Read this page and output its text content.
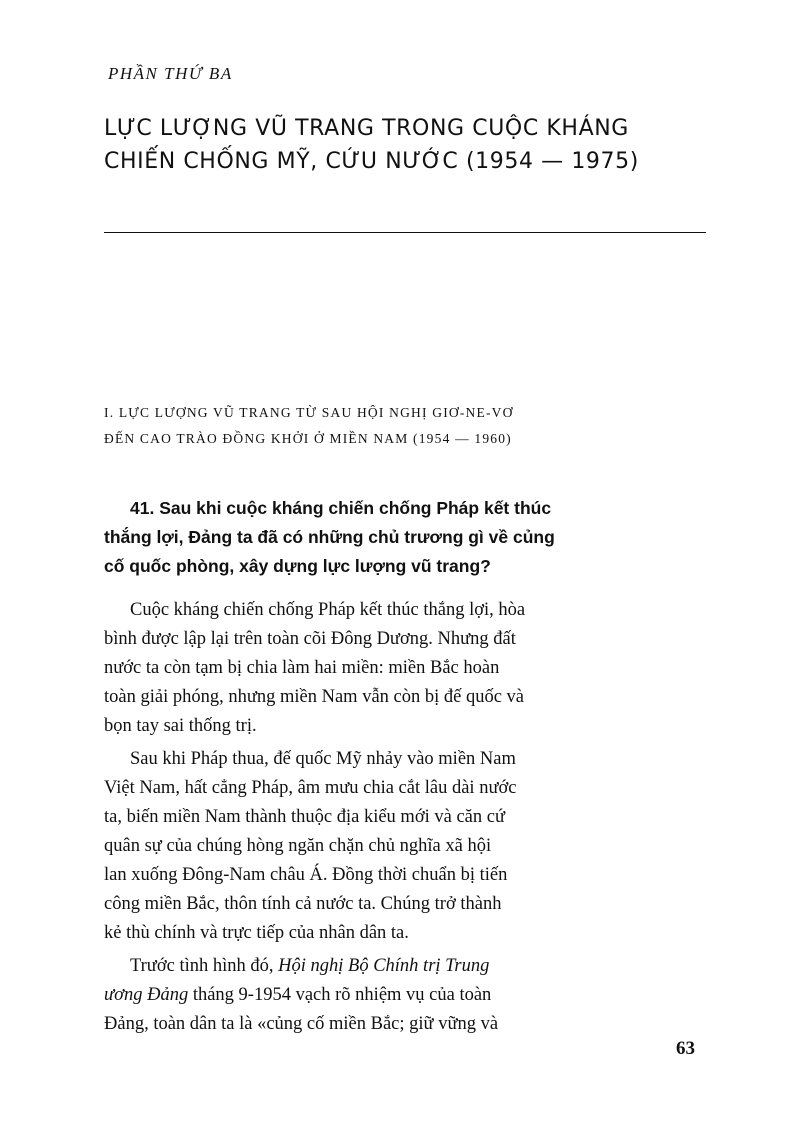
PHẦN THỨ BA
LỰC LƯỢNG VŨ TRANG TRONG CUỘC KHÁNG
CHIẾN CHỐNG MỸ, CỨU NƯỚC (1954 — 1975)
I. LỰC LƯỢNG VŨ TRANG TỪ SAU HỘI NGHỊ GIƠ-NE-VƠ
ĐẾN CAO TRÀO ĐỒNG KHỞI Ở MIỀN NAM (1954 — 1960)
41. Sau khi cuộc kháng chiến chống Pháp kết thúc
thắng lợi, Đảng ta đã có những chủ trương gì về củng
cố quốc phòng, xây dựng lực lượng vũ trang?

Cuộc kháng chiến chống Pháp kết thúc thắng lợi, hòa
bình được lập lại trên toàn cõi Đông Dương. Nhưng đất
nước ta còn tạm bị chia làm hai miền: miền Bắc hoàn
toàn giải phóng, nhưng miền Nam vẫn còn bị đế quốc và
bọn tay sai thống trị.

Sau khi Pháp thua, đế quốc Mỹ nhảy vào miền Nam
Việt Nam, hất cẳng Pháp, âm mưu chia cắt lâu dài nước
ta, biến miền Nam thành thuộc địa kiểu mới và căn cứ
quân sự của chúng hòng ngăn chặn chủ nghĩa xã hội
lan xuống Đông-Nam châu Á. Đồng thời chuẩn bị tiến
công miền Bắc, thôn tính cả nước ta. Chúng trở thành
kẻ thù chính và trực tiếp của nhân dân ta.

Trước tình hình đó, Hội nghị Bộ Chính trị Trung
ương Đảng tháng 9-1954 vạch rõ nhiệm vụ của toàn
Đảng, toàn dân ta là «củng cố miền Bắc; giữ vững và

63
